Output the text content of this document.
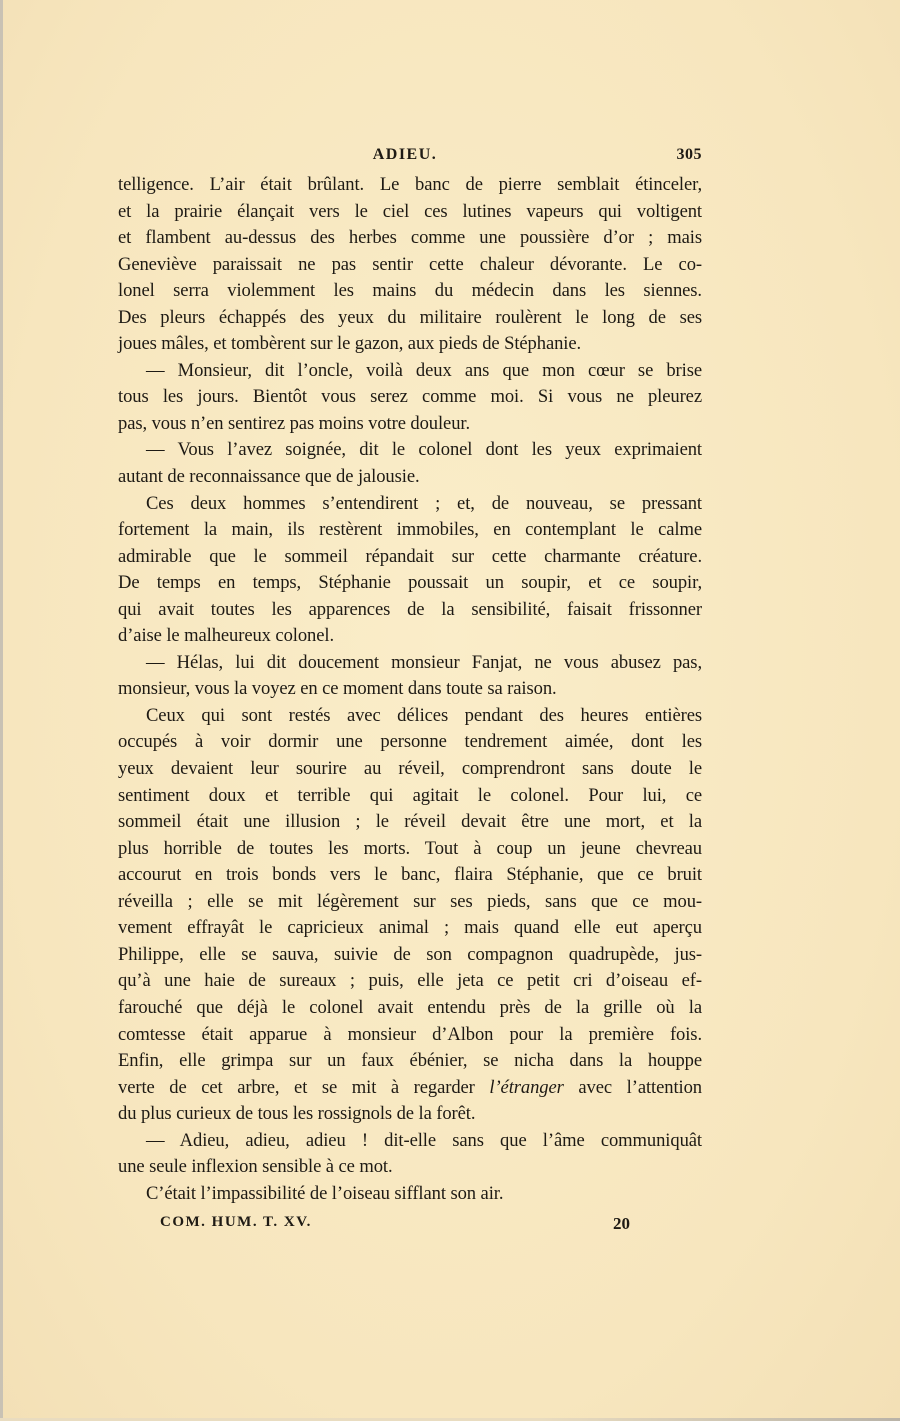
ADIEU.	305
telligence. L’air était brûlant. Le banc de pierre semblait étinceler,
et la prairie élançait vers le ciel ces lutines vapeurs qui voltigent
et flambent au-dessus des herbes comme une poussière d’or ; mais
Geneviève paraissait ne pas sentir cette chaleur dévorante. Le co-
lonel serra violemment les mains du médecin dans les siennes.
Des pleurs échappés des yeux du militaire roulèrent le long de ses
joues mâles, et tombèrent sur le gazon, aux pieds de Stéphanie.
— Monsieur, dit l’oncle, voilà deux ans que mon cœur se brise
tous les jours. Bientôt vous serez comme moi. Si vous ne pleurez
pas, vous n’en sentirez pas moins votre douleur.
— Vous l’avez soignée, dit le colonel dont les yeux exprimaient
autant de reconnaissance que de jalousie.
Ces deux hommes s’entendirent ; et, de nouveau, se pressant
fortement la main, ils restèrent immobiles, en contemplant le calme
admirable que le sommeil répandait sur cette charmante créature.
De temps en temps, Stéphanie poussait un soupir, et ce soupir,
qui avait toutes les apparences de la sensibilité, faisait frissonner
d’aise le malheureux colonel.
— Hélas, lui dit doucement monsieur Fanjat, ne vous abusez pas,
monsieur, vous la voyez en ce moment dans toute sa raison.
Ceux qui sont restés avec délices pendant des heures entières
occupés à voir dormir une personne tendrement aimée, dont les
yeux devaient leur sourire au réveil, comprendront sans doute le
sentiment doux et terrible qui agitait le colonel. Pour lui, ce
sommeil était une illusion ; le réveil devait être une mort, et la
plus horrible de toutes les morts. Tout à coup un jeune chevreau
accourut en trois bonds vers le banc, flaira Stéphanie, que ce bruit
réveilla ; elle se mit légèrement sur ses pieds, sans que ce mou-
vement effrayât le capricieux animal ; mais quand elle eut aperçu
Philippe, elle se sauva, suivie de son compagnon quadrupède, jus-
qu’à une haie de sureaux ; puis, elle jeta ce petit cri d’oiseau ef-
farouché que déjà le colonel avait entendu près de la grille où la
comtesse était apparue à monsieur d’Albon pour la première fois.
Enfin, elle grimpa sur un faux ébénier, se nicha dans la houppe
verte de cet arbre, et se mit à regarder l’étranger avec l’attention
du plus curieux de tous les rossignols de la forêt.
— Adieu, adieu, adieu ! dit-elle sans que l’âme communiquât
une seule inflexion sensible à ce mot.
C’était l’impassibilité de l’oiseau sifflant son air.
COM. HUM. T. XV.	20
